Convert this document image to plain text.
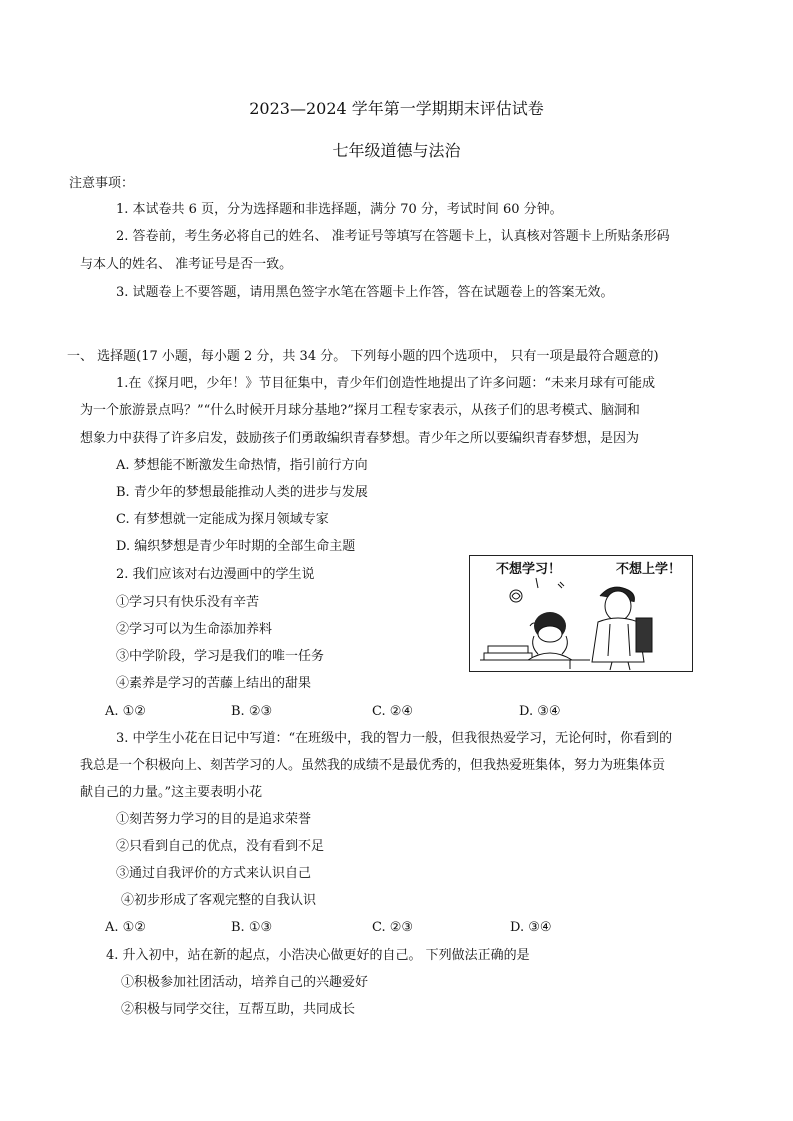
2023—2024 学年第一学期期末评估试卷
七年级道德与法治
注意事项：
1. 本试卷共 6 页，分为选择题和非选择题，满分 70 分，考试时间 60 分钟。
2. 答卷前，考生务必将自己的姓名、 准考证号等填写在答题卡上，认真核对答题卡上所贴条形码
与本人的姓名、 准考证号是否一致。
3. 试题卷上不要答题，请用黑色签字水笔在答题卡上作答，答在试题卷上的答案无效。
一、 选择题(17 小题，每小题 2 分，共 34 分。 下列每小题的四个选项中， 只有一项是最符合题意的)
1.在《探月吧，少年！》节目征集中，青少年们创造性地提出了许多问题：“未来月球有可能成
为一个旅游景点吗？”“什么时候开月球分基地?”探月工程专家表示，从孩子们的思考模式、脑洞和
想象力中获得了许多启发，鼓励孩子们勇敢编织青春梦想。青少年之所以要编织青春梦想，是因为
A. 梦想能不断激发生命热情，指引前行方向
B. 青少年的梦想最能推动人类的进步与发展
C. 有梦想就一定能成为探月领域专家
D. 编织梦想是青少年时期的全部生命主题
2. 我们应该对右边漫画中的学生说
①学习只有快乐没有辛苦
②学习可以为生命添加养料
③中学阶段，学习是我们的唯一任务
④素养是学习的苦藤上结出的甜果
A. ①②	B. ②③	C. ②④	D. ③④
不想学习！	不想上学！
3. 中学生小花在日记中写道：“在班级中，我的智力一般，但我很热爱学习，无论何时，你看到的
我总是一个积极向上、刻苦学习的人。虽然我的成绩不是最优秀的，但我热爱班集体，努力为班集体贡
献自己的力量。”这主要表明小花
①刻苦努力学习的目的是追求荣誉
②只看到自己的优点，没有看到不足
③通过自我评价的方式来认识自己
④初步形成了客观完整的自我认识
A. ①②	B. ①③	C. ②③	D. ③④
4. 升入初中，站在新的起点，小浩决心做更好的自己。 下列做法正确的是
①积极参加社团活动，培养自己的兴趣爱好
②积极与同学交往，互帮互助，共同成长
